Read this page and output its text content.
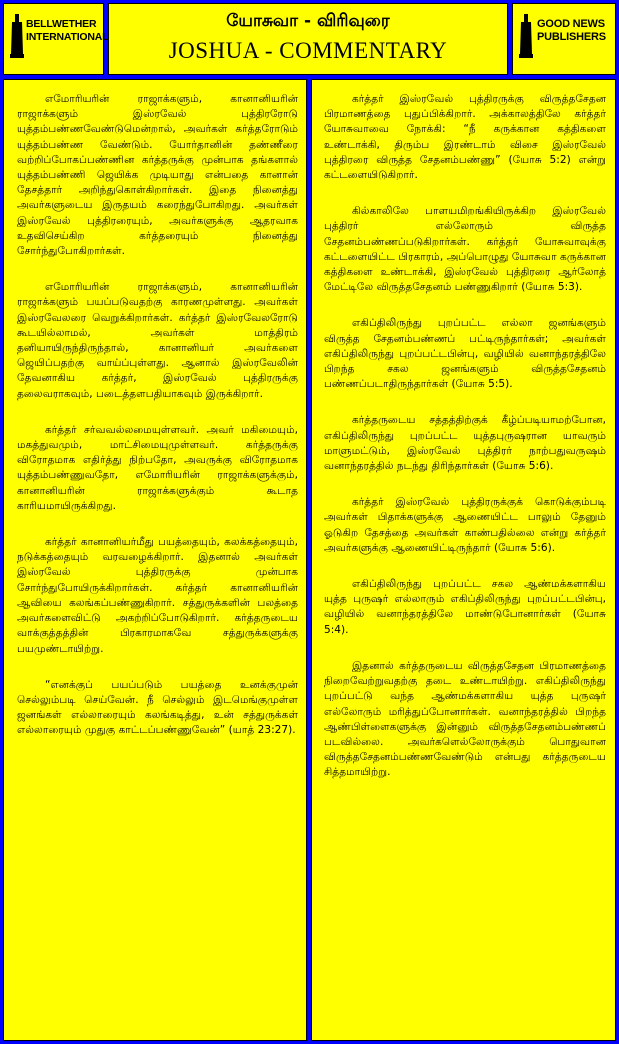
BELLWETHER
INTERNATIONAL
யோசுவா - விரிவுரை
JOSHUA - COMMENTARY
GOOD NEWS
PUBLISHERS

எமோரியரின் ராஜாக்களும், கானானியரின் ராஜாக்களும் இஸ்ரவேல் புத்திரரோடு யுத்தம்பண்ணவேண்டுமென்றால், அவர்கள் கர்த்தரோடும் யுத்தம்பண்ண வேண்டும். யோர்தானின் தண்ணீரை வற்றிப்போகப்பண்ணின கர்த்தருக்கு முன்பாக தங்களால் யுத்தம்பண்ணி ஜெயிக்க முடியாது என்பதை கானான் தேசத்தார் அறிந்துகொள்கிறார்கள். இதை நினைத்து அவர்களுடைய இருதயம் கரைந்துபோகிறது. அவர்கள் இஸ்ரவேல் புத்திரரையும், அவர்களுக்கு ஆதரவாக உதவிசெய்கிற கர்த்தரையும் நினைத்து சோர்ந்துபோகிறார்கள்.

எமோரியரின் ராஜாக்களும், கானானியரின் ராஜாக்களும் பயப்படுவதற்கு காரணமுள்ளது. அவர்கள் இஸ்ரவேலரை வெறுக்கிறார்கள். கர்த்தர் இஸ்ரவேலரோடு கூடயில்லாமல், அவர்கள் மாத்திரம் தனியாயிருந்திருந்தால், கானானியர் அவர்களை ஜெயிப்பதற்கு வாய்ப்புள்ளது. ஆனால் இஸ்ரவேலின் தேவனாகிய கர்த்தர், இஸ்ரவேல் புத்திரருக்கு தலைவராகவும், படைத்தளபதியாகவும் இருக்கிறார்.

கர்த்தர் சர்வவல்லமையுள்ளவர். அவர் மகிமையும், மகத்துவமும், மாட்சிமையுமுள்ளவர். கர்த்தருக்கு விரோதமாக எதிர்த்து நிற்பதோ, அவருக்கு விரோதமாக யுத்தம்பண்ணுவதோ, எமோரியரின் ராஜாக்களுக்கும், கானானியரின் ராஜாக்களுக்கும் கூடாத காரியமாயிருக்கிறது.

கர்த்தர் கானானியர்மீது பயத்தையும், கலக்கத்தையும், நடுக்கத்தையும் வரவழைக்கிறார். இதனால் அவர்கள் இஸ்ரவேல் புத்திரருக்கு முன்பாக சோர்ந்துபோயிருக்கிறார்கள். கர்த்தர் கானானியரின் ஆவியை கலங்கப்பண்ணுகிறார். சத்துருக்களின் பலத்தை அவர்களைவிட்டு அகற்றிப்போடுகிறார். கர்த்தருடைய வாக்குத்தத்தின் பிரகாரமாகவே சத்துருக்களுக்கு பயமுண்டாயிற்று.

“எனக்குப் பயப்படும் பயத்தை உனக்குமுன் செல்லும்படி செய்வேன். நீ செல்லும் இடமெங்குமுள்ள ஜனங்கள் எல்லாரையும் கலங்கடித்து, உன் சத்துருக்கள் எல்லாரையும் முதுகு காட்டப்பண்ணுவேன்” (யாத் 23:27).

கர்த்தர் இஸ்ரவேல் புத்திரருக்கு விருத்தசேதன பிரமாணத்தை புதுப்பிக்கிறார். அக்காலத்திலே கர்த்தர் யோசுவாவை நோக்கி: “நீ கருக்கான கத்திகளை உண்டாக்கி, திரும்ப இரண்டாம் விசை இஸ்ரவேல் புத்திரரை விருத்த சேதனம்பண்ணு” (யோசு 5:2) என்று கட்டளையிடுகிறார்.

கில்காலிலே பாளயமிறங்கியிருக்கிற இஸ்ரவேல் புத்திரர் எல்லோரும் விருத்த சேதனம்பண்ணப்படுகிறார்கள். கர்த்தர் யோசுவாவுக்கு கட்டளையிட்ட பிரகாரம், அப்பொழுது யோசுவா கருக்கான கத்திகளை உண்டாக்கி, இஸ்ரவேல் புத்திரரை ஆர்லோத் மேட்டிலே விருத்தசேதனம் பண்ணுகிறார் (யோசு 5:3).

எகிப்திலிருந்து புறப்பட்ட எல்லா ஜனங்களும் விருத்த சேதனம்பண்ணப் பட்டிருந்தார்கள்; அவர்கள் எகிப்திலிருந்து புறப்பட்டபின்பு, வழியில் வனாந்தரத்திலே பிறந்த சகல ஜனங்களும் விருத்தசேதனம் பண்ணப்படாதிருந்தார்கள் (யோசு 5:5).

கர்த்தருடைய சத்தத்திற்குக் கீழ்ப்படியாமற்போன, எகிப்திலிருந்து புறப்பட்ட யுத்தபுருஷரான யாவரும் மாளுமட்டும், இஸ்ரவேல் புத்திரர் நாற்பதுவருஷம் வனாந்தரத்தில் நடந்து திரிந்தார்கள் (யோசு 5:6).

கர்த்தர் இஸ்ரவேல் புத்திரருக்குக் கொடுக்கும்படி அவர்கள் பிதாக்களுக்கு ஆணையிட்ட பாலும் தேனும் ஓடுகிற தேசத்தை அவர்கள் காண்பதில்லை என்று கர்த்தர் அவர்களுக்கு ஆணையிட்டிருந்தார் (யோசு 5:6).

எகிப்திலிருந்து புறப்பட்ட சகல ஆண்மக்களாகிய யுத்த புருஷர் எல்லாரும் எகிப்திலிருந்து புறப்பட்டபின்பு, வழியில் வனாந்தரத்திலே மாண்டுபோனார்கள் (யோசு 5:4).

இதனால் கர்த்தருடைய விருத்தசேதன பிரமாணத்தை நிறைவேற்றுவதற்கு தடை உண்டாயிற்று. எகிப்திலிருந்து புறப்பட்டு வந்த ஆண்மக்களாகிய யுத்த புருஷர் எல்லோரும் மரித்துப்போனார்கள். வனாந்தரத்தில் பிறந்த ஆண்பிள்ளைகளுக்கு இன்னும் விருத்தசேதனம்பண்ணப் படவில்லை. அவர்களெல்லோருக்கும் பொதுவான விருத்தசேதனம்பண்ணவேண்டும் என்பது கர்த்தருடைய சித்தமாயிற்று.
